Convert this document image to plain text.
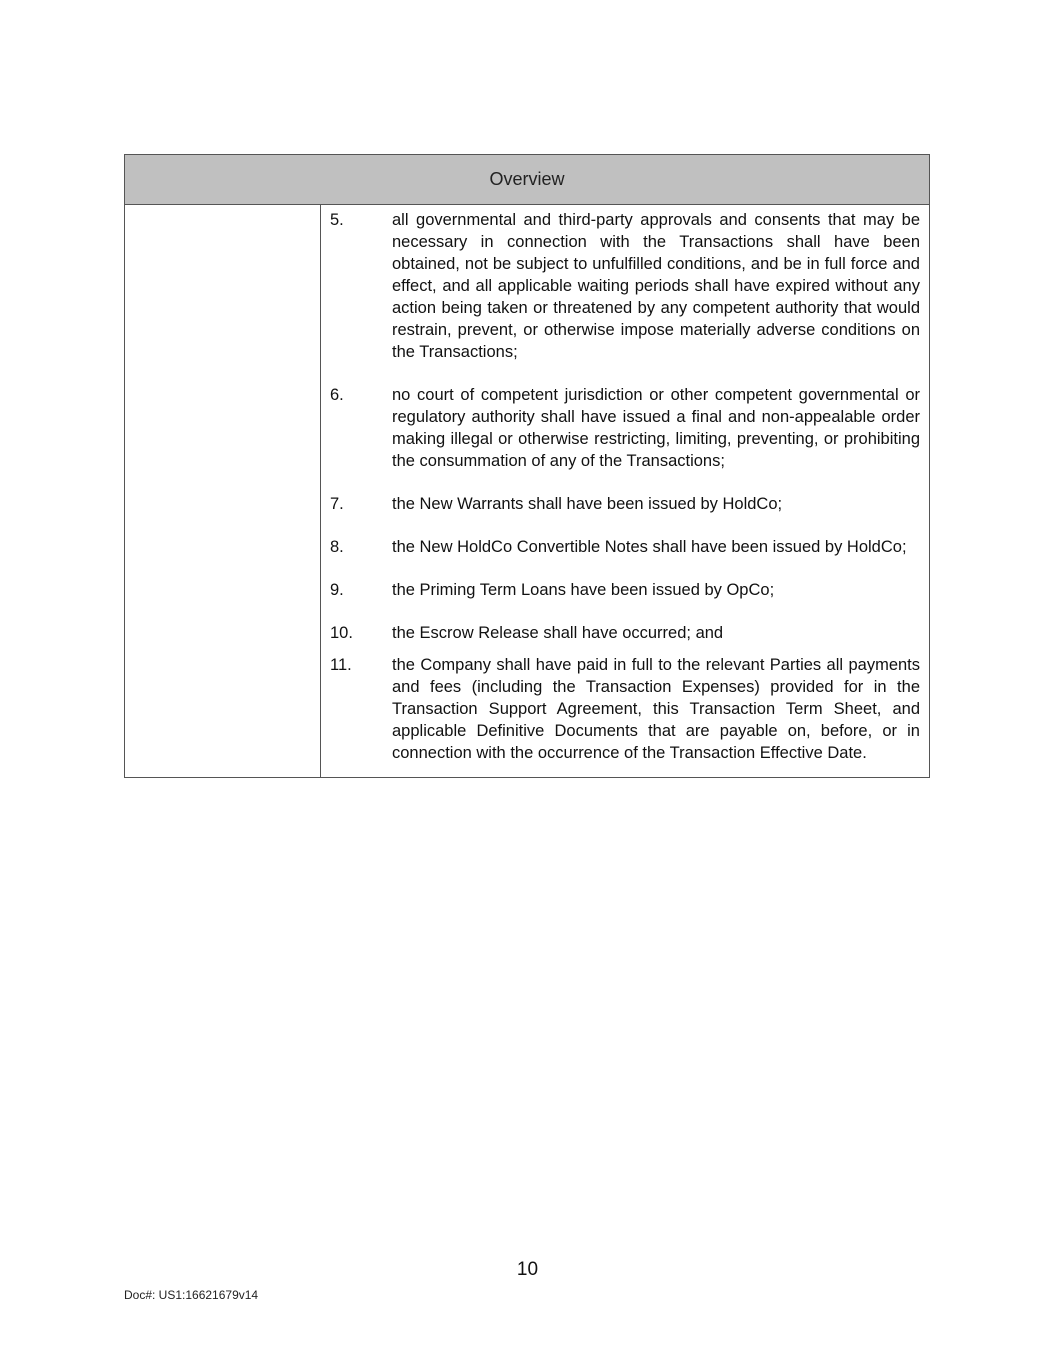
Overview
5.	all governmental and third-party approvals and consents that may be necessary in connection with the Transactions shall have been obtained, not be subject to unfulfilled conditions, and be in full force and effect, and all applicable waiting periods shall have expired without any action being taken or threatened by any competent authority that would restrain, prevent, or otherwise impose materially adverse conditions on the Transactions;
6.	no court of competent jurisdiction or other competent governmental or regulatory authority shall have issued a final and non-appealable order making illegal or otherwise restricting, limiting, preventing, or prohibiting the consummation of any of the Transactions;
7.	the New Warrants shall have been issued by HoldCo;
8.	the New HoldCo Convertible Notes shall have been issued by HoldCo;
9.	the Priming Term Loans have been issued by OpCo;
10.	the Escrow Release shall have occurred; and
11.	the Company shall have paid in full to the relevant Parties all payments and fees (including the Transaction Expenses) provided for in the Transaction Support Agreement, this Transaction Term Sheet, and applicable Definitive Documents that are payable on, before, or in connection with the occurrence of the Transaction Effective Date.
10
Doc#: US1:16621679v14
